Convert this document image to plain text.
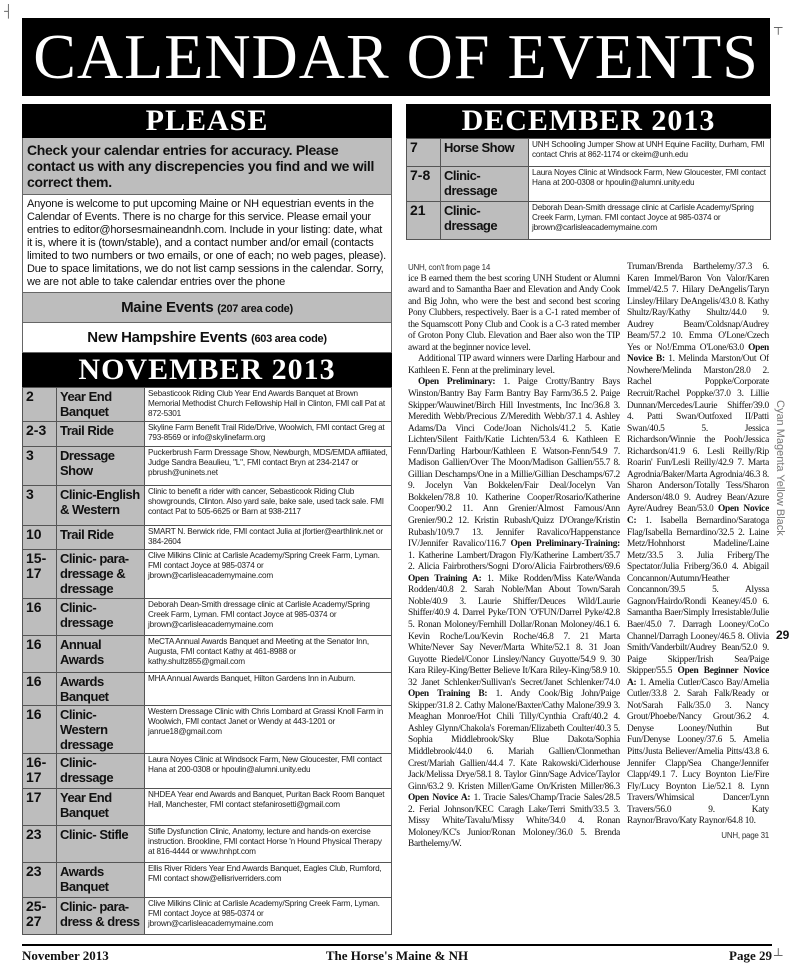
┤
┬
┴
CALENDAR OF EVENTS
PLEASE
Check your calendar entries for accuracy. Please contact us with any discrepencies you find and we will correct them.
Anyone is welcome to put upcoming Maine or NH equestrian events in the Calendar of Events. There is no charge for this service. Please email your entries to editor@horsesmaineandnh.com. Include in your listing: date, what it is, where it is (town/stable), and a contact number and/or email (contacts limited to two numbers or two emails, or one of each; no web pages, please). Due to space limitations, we do not list camp sessions in the calendar. Sorry, we are not able to take calendar entries over the phone
Maine Events (207 area code)
New Hampshire Events (603 area code)
NOVEMBER 2013
2	Year End Banquet	Sebasticook Riding Club Year End Awards Banquet at Brown Memorial Methodist Church Fellowship Hall in Clinton, FMI call Pat at 872-5301
2-3	Trail Ride	Skyline Farm Benefit Trail Ride/Drive, Woolwich, FMI contact Greg at 793-8569 or info@skylinefarm.org
3	Dressage Show	Puckerbrush Farm Dressage Show, Newburgh, MDS/EMDA affiliated, Judge Sandra Beaulieu, "L", FMI contact Bryn at 234-2147 or pbrush@uninets.net
3	Clinic-English & Western	Clinic to benefit a rider with cancer, Sebasticook Riding Club showgrounds, Clinton. Also yard sale, bake sale, used tack sale. FMI contact Pat to 505-6625 or Barn at 938-2117
10	Trail Ride	SMART N. Berwick ride, FMI contact Julia at jfortier@earthlink.net or 384-2604
15-17	Clinic- para-dressage & dressage	Clive Milkins Clinic at Carlisle Academy/Spring Creek Farm, Lyman. FMI contact Joyce at 985-0374 or jbrown@carlisleacademymaine.com
16	Clinic- dressage	Deborah Dean-Smith dressage clinic at Carlisle Academy/Spring Creek Farm, Lyman. FMI contact Joyce at 985-0374 or jbrown@carlisleacademymaine.com
16	Annual Awards	MeCTA Annual Awards Banquet and Meeting at the Senator Inn, Augusta, FMI contact Kathy at 461-8988 or kathy.shultz855@gmail.com
16	Awards Banquet	MHA Annual Awards Banquet, Hilton Gardens Inn in Auburn.
16	Clinic- Western dressage	Western Dressage Clinic with Chris Lombard at Grassi Knoll Farm in Woolwich, FMI contact Janet or Wendy at 443-1201 or janrue18@gmail.com
16-17	Clinic- dressage	Laura Noyes Clinic at Windsock Farm, New Gloucester, FMI contact Hana at 200-0308 or hpoulin@alumni.unity.edu
17	Year End Banquet	NHDEA Year end Awards and Banquet, Puritan Back Room Banquet Hall, Manchester, FMI contact stefanirosetti@gmail.com
23	Clinic- Stifle	Stifle Dysfunction Clinic, Anatomy, lecture and hands-on exercise instruction. Brookline, FMI contact Horse 'n Hound Physical Therapy at 816-4444 or www.hnhpt.com
23	Awards Banquet	Ellis River Riders Year End Awards Banquet, Eagles Club, Rumford, FMI contact show@ellisriverriders.com
25-27	Clinic- para-dress & dress	Clive Milkins Clinic at Carlisle Academy/Spring Creek Farm, Lyman. FMI contact Joyce at 985-0374 or jbrown@carlisleacademymaine.com
DECEMBER 2013
7	Horse Show	UNH Schooling Jumper Show at UNH Equine Facility, Durham, FMI contact Chris at 862-1174 or ckeim@unh.edu
7-8	Clinic- dressage	Laura Noyes Clinic at Windsock Farm, New Gloucester, FMI contact Hana at 200-0308 or hpoulin@alumni.unity.edu
21	Clinic- dressage	Deborah Dean-Smith dressage clinic at Carlisle Academy/Spring Creek Farm, Lyman. FMI contact Joyce at 985-0374 or jbrown@carlisleacademymaine.com
UNH, con't from page 14

ice B earned them the best scoring UNH Student or Alumni award and to Samantha Baer and Elevation and Andy Cook and Big John, who were the best and second best scoring Pony Clubbers, respectively. Baer is a C-1 rated member of the Squamscott Pony Club and Cook is a C-3 rated member of Groton Pony Club. Elevation and Baer also won the TIP award at the beginner novice level.

Additional TIP award winners were Darling Harbour and Kathleen E. Fenn at the preliminary level.

Open Preliminary: 1. Paige Crotty/Bantry Bays Winston/Bantry Bay Farm Bantry Bay Farm/36.5 2. Paige Skipper/Wauwinet/Birch Hill Investments, Inc Inc/36.8 3. Meredith Webb/Precious Z/Meredith Webb/37.1 4. Ashley Adams/Da Vinci Code/Joan Nichols/41.2 5. Katie Lichten/Silent Faith/Katie Lichten/53.4 6. Kathleen E Fenn/Darling Harbour/Kathleen E Watson-Fenn/54.9 7. Madison Gallien/Over The Moon/Madison Gallien/55.7 8. Gillian Deschamps/One in a Millie/Gillian Deschamps/67.2 9. Jocelyn Van Bokkelen/Fair Deal/Jocelyn Van Bokkelen/78.8 10. Katherine Cooper/Rosario/Katherine Cooper/90.2 11. Ann Grenier/Almost Famous/Ann Grenier/90.2 12. Kristin Rubash/Quizz D'Orange/Kristin Rubash/10/9.7 13. Jennifer Ravalico/Happenstance IV/Jennifer Ravalico/116.7 Open Preliminary-Training: 1. Katherine Lambert/Dragon Fly/Katherine Lambert/35.7 2. Alicia Fairbrothers/Sogni D'oro/Alicia Fairbrothers/69.6 Open Training A: 1. Mike Rodden/Miss Kate/Wanda Rodden/40.8 2. Sarah Noble/Man About Town/Sarah Noble/40.9 3. Laurie Shiffer/Deuces Wild/Laurie Shiffer/40.9 4. Darrel Pyke/TON 'O'FUN/Darrel Pyke/42.8 5. Ronan Moloney/Fernhill Dollar/Ronan Moloney/46.1 6. Kevin Roche/Lou/Kevin Roche/46.8 7. 21 Marta White/Never Say Never/Marta White/52.1 8. 31 Joan Guyotte Riedel/Conor Linsley/Nancy Guyotte/54.9 9. 30 Kara Riley-King/Better Believe It/Kara Riley-King/58.9 10. 32 Janet Schlenker/Sullivan's Secret/Janet Schlenker/74.0 Open Training B: 1. Andy Cook/Big John/Paige Skipper/31.8 2. Cathy Malone/Baxter/Cathy Malone/39.9 3. Meaghan Monroe/Hot Chili Tilly/Cynthia Craft/40.2 4. Ashley Glynn/Chakola's Foreman/Elizabeth Coulter/40.3 5. Sophia Middlebrook/Sky Blue Dakota/Sophia Middlebrook/44.0 6. Mariah Gallien/Clonmethan Crest/Mariah Gallien/44.4 7. Kate Rakowski/Ciderhouse Jack/Melissa Drye/58.1 8. Taylor Ginn/Sage Advice/Taylor Ginn/63.2 9. Kristen Miller/Game On/Kristen Miller/86.3 Open Novice A: 1. Tracie Sales/Champ/Tracie Sales/28.5 2. Ferial Johnson/KEC Caragh Lake/Terri Smith/33.5 3. Missy White/Tavalu/Missy White/34.0 4. Ronan Moloney/KC's Junior/Ronan Moloney/36.0 5. Brenda Barthelemy/W.

Truman/Brenda Barthelemy/37.3 6. Karen Immel/Baron Von Valor/Karen Immel/42.5 7. Hilary DeAngelis/Taryn Linsley/Hilary DeAngelis/43.0 8. Kathy Shultz/Ray/Kathy Shultz/44.0 9. Audrey Beam/Coldsnap/Audrey Beam/57.2 10. Emma O'Lone/Czech Yes or No!/Emma O'Lone/63.0 Open Novice B: 1. Melinda Marston/Out Of Nowhere/Melinda Marston/28.0 2. Rachel Poppke/Corporate Recruit/Rachel Poppke/37.0 3. Lillie Dunnan/Mercedes/Laurie Shiffer/39.0 4. Patti Swan/Outfoxed II/Patti Swan/40.5 5. Jessica Richardson/Winnie the Pooh/Jessica Richardson/41.9 6. Lesli Reilly/Rip Roarin' Fun/Lesli Reilly/42.9 7. Marta Agrodnia/Baker/Marta Agrodnia/46.3 8. Sharon Anderson/Totally Tess/Sharon Anderson/48.0 9. Audrey Bean/Azure Ayre/Audrey Bean/53.0 Open Novice C: 1. Isabella Bernardino/Saratoga Flag/Isabella Bernardino/32.5 2. Laine Metz/Hohnhorst Madeline/Laine Metz/33.5 3. Julia Friberg/The Spectator/Julia Friberg/36.0 4. Abigail Concannon/Autumn/Heather Concannon/39.5 5. Alyssa Gagnon/Hairdo/Rondi Keaney/45.0 6. Samantha Baer/Simply Irresistable/Julie Baer/45.0 7. Darragh Looney/CoCo Channel/Darragh Looney/46.5 8. Olivia Smith/Vanderbilt/Audrey Bean/52.0 9. Paige Skipper/Irish Sea/Paige Skipper/55.5 Open Beginner Novice A: 1. Amelia Cutler/Casco Bay/Amelia Cutler/33.8 2. Sarah Falk/Ready or Not/Sarah Falk/35.0 3. Nancy Grout/Phoebe/Nancy Grout/36.2 4. Denyse Looney/Nuthin But Fun/Denyse Looney/37.6 5. Amelia Pitts/Justa Believer/Amelia Pitts/43.8 6. Jennifer Clapp/Sea Change/Jennifer Clapp/49.1 7. Lucy Boynton Lie/Fire Fly/Lucy Boynton Lie/52.1 8. Lynn Travers/Whimsical Dancer/Lynn Travers/56.0 9. Katy Raynor/Bravo/Katy Raynor/64.8 10.

UNH, page 31
Cyan Magenta Yellow Black
29
November 2013	The Horse's Maine & NH	Page 29
